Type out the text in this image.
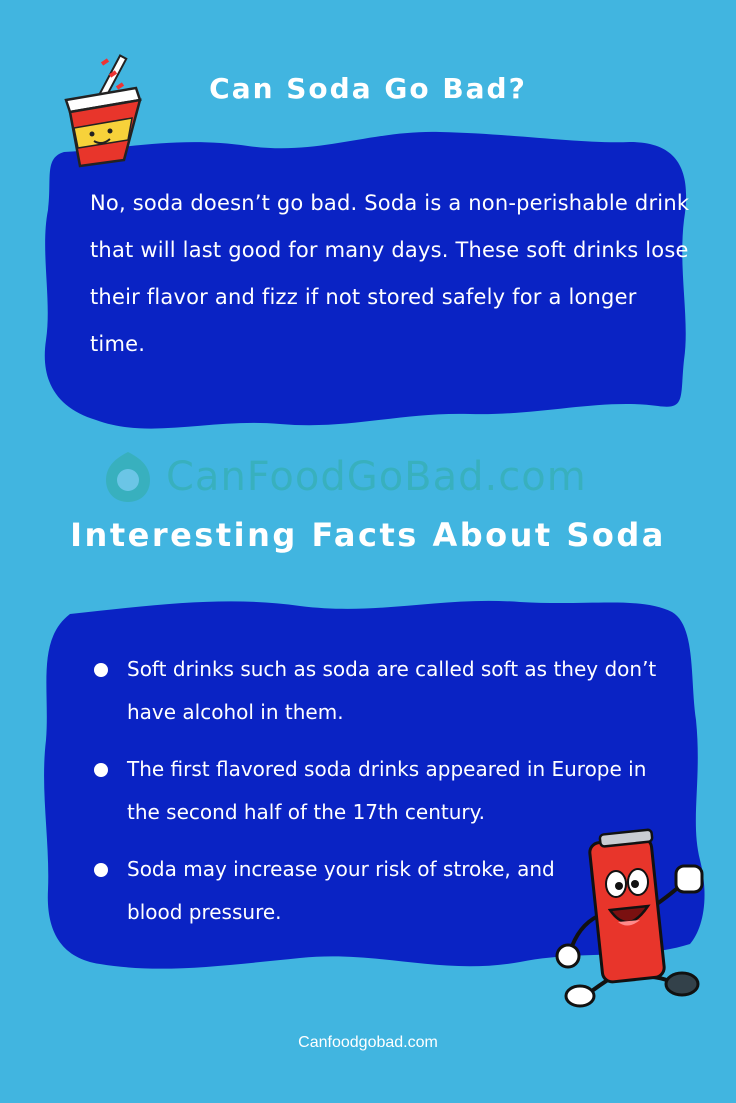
Can Soda Go Bad?

No, soda doesn’t go bad. Soda is a non-perishable drink that will last good for many days. These soft drinks lose their flavor and fizz if not stored safely for a longer time.

CanFoodGoBad.com
Interesting Facts About Soda
Soft drinks such as soda are called soft as they don’t have alcohol in them.
The first flavored soda drinks appeared in Europe in the second half of the 17th century.
Soda may increase your risk of stroke, and blood pressure.

Canfoodgobad.com
